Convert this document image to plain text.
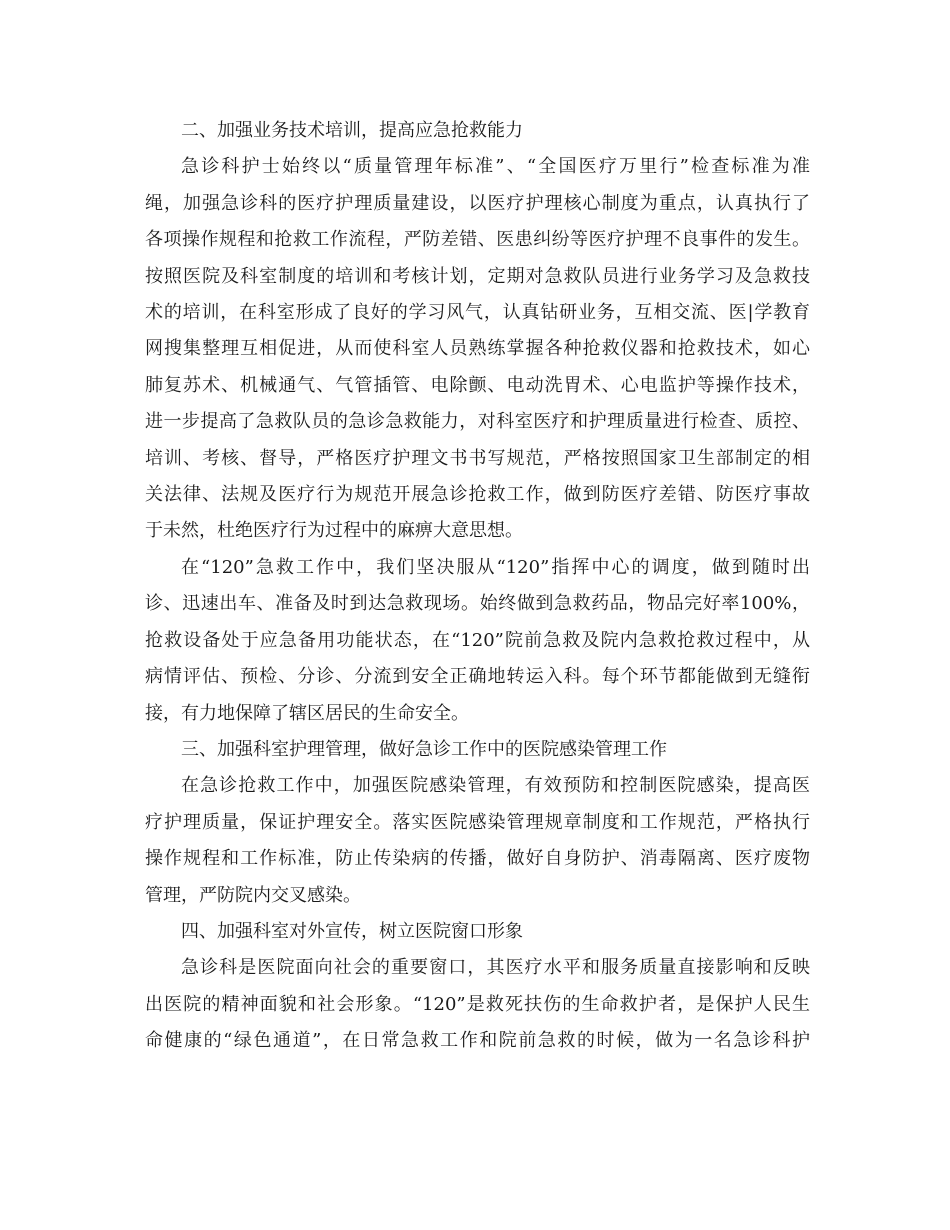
二、加强业务技术培训，提高应急抢救能力
急诊科护士始终以“质量管理年标准”、“全国医疗万里行”检查标准为准
绳，加强急诊科的医疗护理质量建设，以医疗护理核心制度为重点，认真执行了
各项操作规程和抢救工作流程，严防差错、医患纠纷等医疗护理不良事件的发生。
按照医院及科室制度的培训和考核计划，定期对急救队员进行业务学习及急救技
术的培训，在科室形成了良好的学习风气，认真钻研业务，互相交流、医|学教育
网搜集整理互相促进，从而使科室人员熟练掌握各种抢救仪器和抢救技术，如心
肺复苏术、机械通气、气管插管、电除颤、电动洗胃术、心电监护等操作技术，
进一步提高了急救队员的急诊急救能力，对科室医疗和护理质量进行检查、质控、
培训、考核、督导，严格医疗护理文书书写规范，严格按照国家卫生部制定的相
关法律、法规及医疗行为规范开展急诊抢救工作，做到防医疗差错、防医疗事故
于未然，杜绝医疗行为过程中的麻痹大意思想。
在“120”急救工作中，我们坚决服从“120”指挥中心的调度，做到随时出
诊、迅速出车、准备及时到达急救现场。始终做到急救药品，物品完好率100%，
抢救设备处于应急备用功能状态，在“120”院前急救及院内急救抢救过程中，从
病情评估、预检、分诊、分流到安全正确地转运入科。每个环节都能做到无缝衔
接，有力地保障了辖区居民的生命安全。
三、加强科室护理管理，做好急诊工作中的医院感染管理工作
在急诊抢救工作中，加强医院感染管理，有效预防和控制医院感染，提高医
疗护理质量，保证护理安全。落实医院感染管理规章制度和工作规范，严格执行
操作规程和工作标准，防止传染病的传播，做好自身防护、消毒隔离、医疗废物
管理，严防院内交叉感染。
四、加强科室对外宣传，树立医院窗口形象
急诊科是医院面向社会的重要窗口，其医疗水平和服务质量直接影响和反映
出医院的精神面貌和社会形象。“120”是救死扶伤的生命救护者，是保护人民生
命健康的“绿色通道”，在日常急救工作和院前急救的时候，做为一名急诊科护
